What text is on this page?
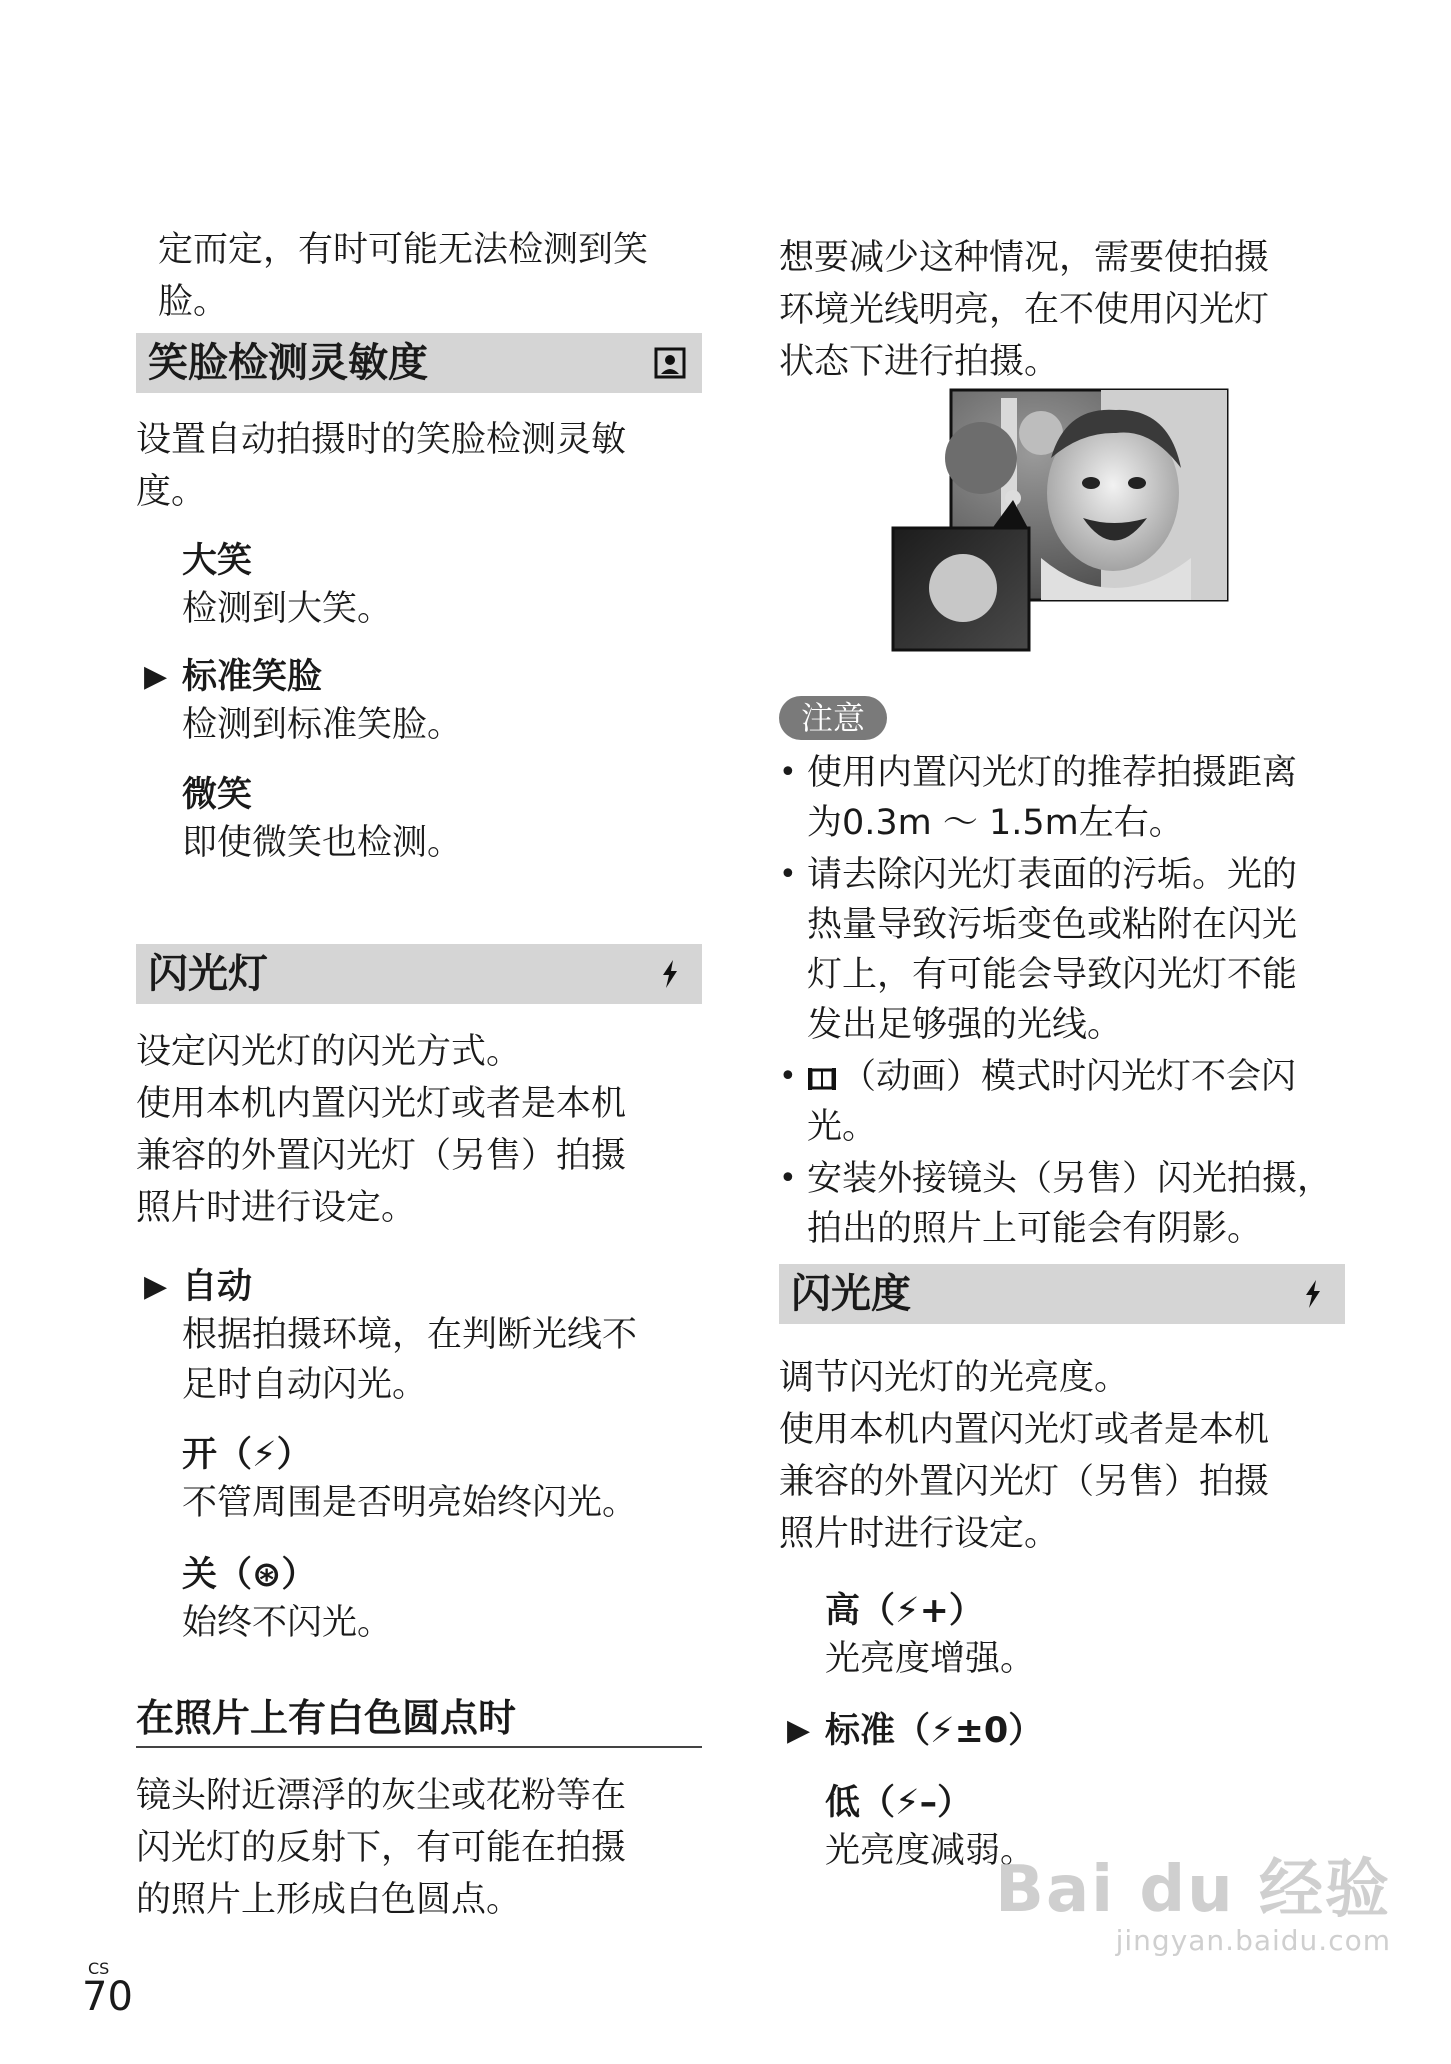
定而定，有时可能无法检测到笑
脸。

笑脸检测灵敏度

设置自动拍摄时的笑脸检测灵敏
度。

大笑
检测到大笑。
▶ 标准笑脸
检测到标准笑脸。
微笑
即使微笑也检测。
闪光灯

设定闪光灯的闪光方式。
使用本机内置闪光灯或者是本机
兼容的外置闪光灯（另售）拍摄
照片时进行设定。

▶ 自动
根据拍摄环境，在判断光线不
足时自动闪光。
开（⚡）
不管周围是否明亮始终闪光。
关（⊛）
始终不闪光。
在照片上有白色圆点时

镜头附近漂浮的灰尘或花粉等在
闪光灯的反射下，有可能在拍摄
的照片上形成白色圆点。

想要减少这种情况，需要使拍摄
环境光线明亮，在不使用闪光灯
状态下进行拍摄。

注意
• 使用内置闪光灯的推荐拍摄距离
为0.3m ～ 1.5m左右。
• 请去除闪光灯表面的污垢。光的
热量导致污垢变色或粘附在闪光
灯上，有可能会导致闪光灯不能
发出足够强的光线。
•	（动画）模式时闪光灯不会闪
光。
• 安装外接镜头（另售）闪光拍摄，
拍出的照片上可能会有阴影。
闪光度

调节闪光灯的光亮度。
使用本机内置闪光灯或者是本机
兼容的外置闪光灯（另售）拍摄
照片时进行设定。

高（⚡+）
光亮度增强。
▶ 标准（⚡±0）
低（⚡–）
光亮度减弱。
CS
70
Bai du 经验
jingyan.baidu.com
